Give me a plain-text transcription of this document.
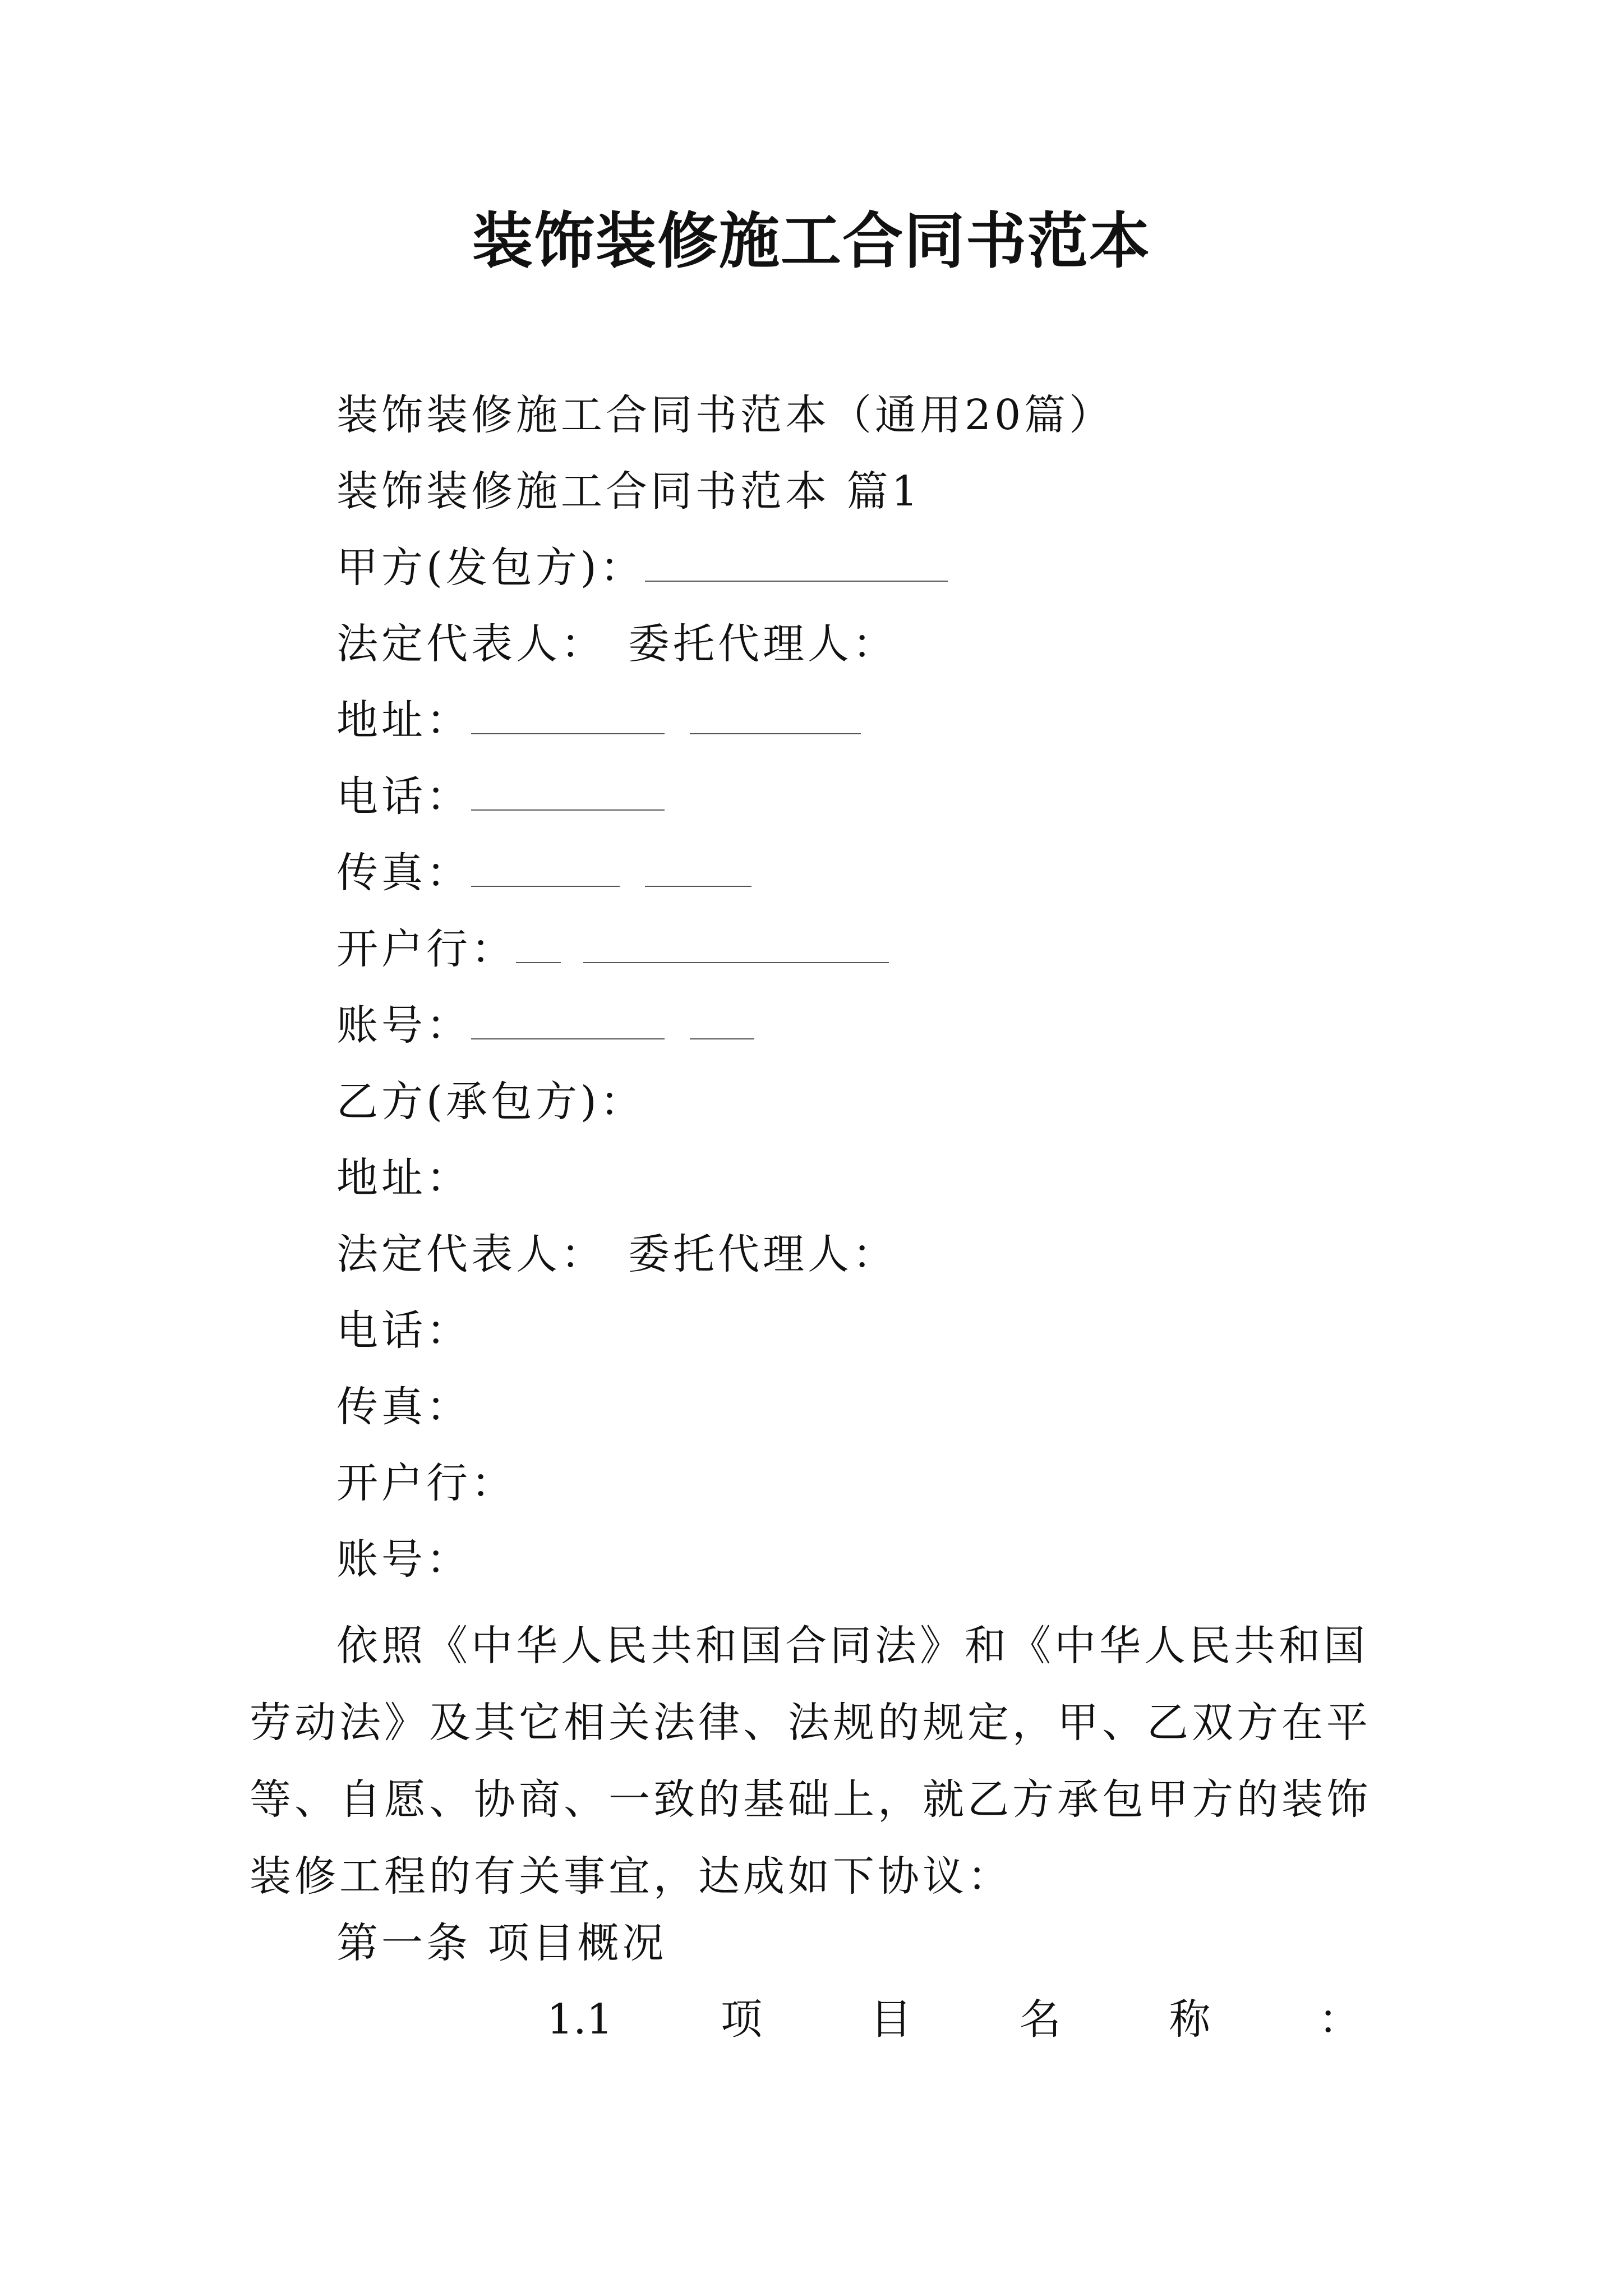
装饰装修施工合同书范本
装饰装修施工合同书范本（通用20篇）
装饰装修施工合同书范本 篇1
甲方(发包方)：
法定代表人： 委托代理人：
地址：
电话：
传真：
开户行：
账号：
乙方(承包方)：
地址：
法定代表人： 委托代理人：
电话：
传真：
开户行：
账号：

依照《中华人民共和国合同法》和《中华人民共和国劳动法》及其它相关法律、法规的规定，甲、乙双方在平等、自愿、协商、一致的基础上，就乙方承包甲方的装饰装修工程的有关事宜，达成如下协议：

第一条 项目概况
1.1	项	目	名	称	：
